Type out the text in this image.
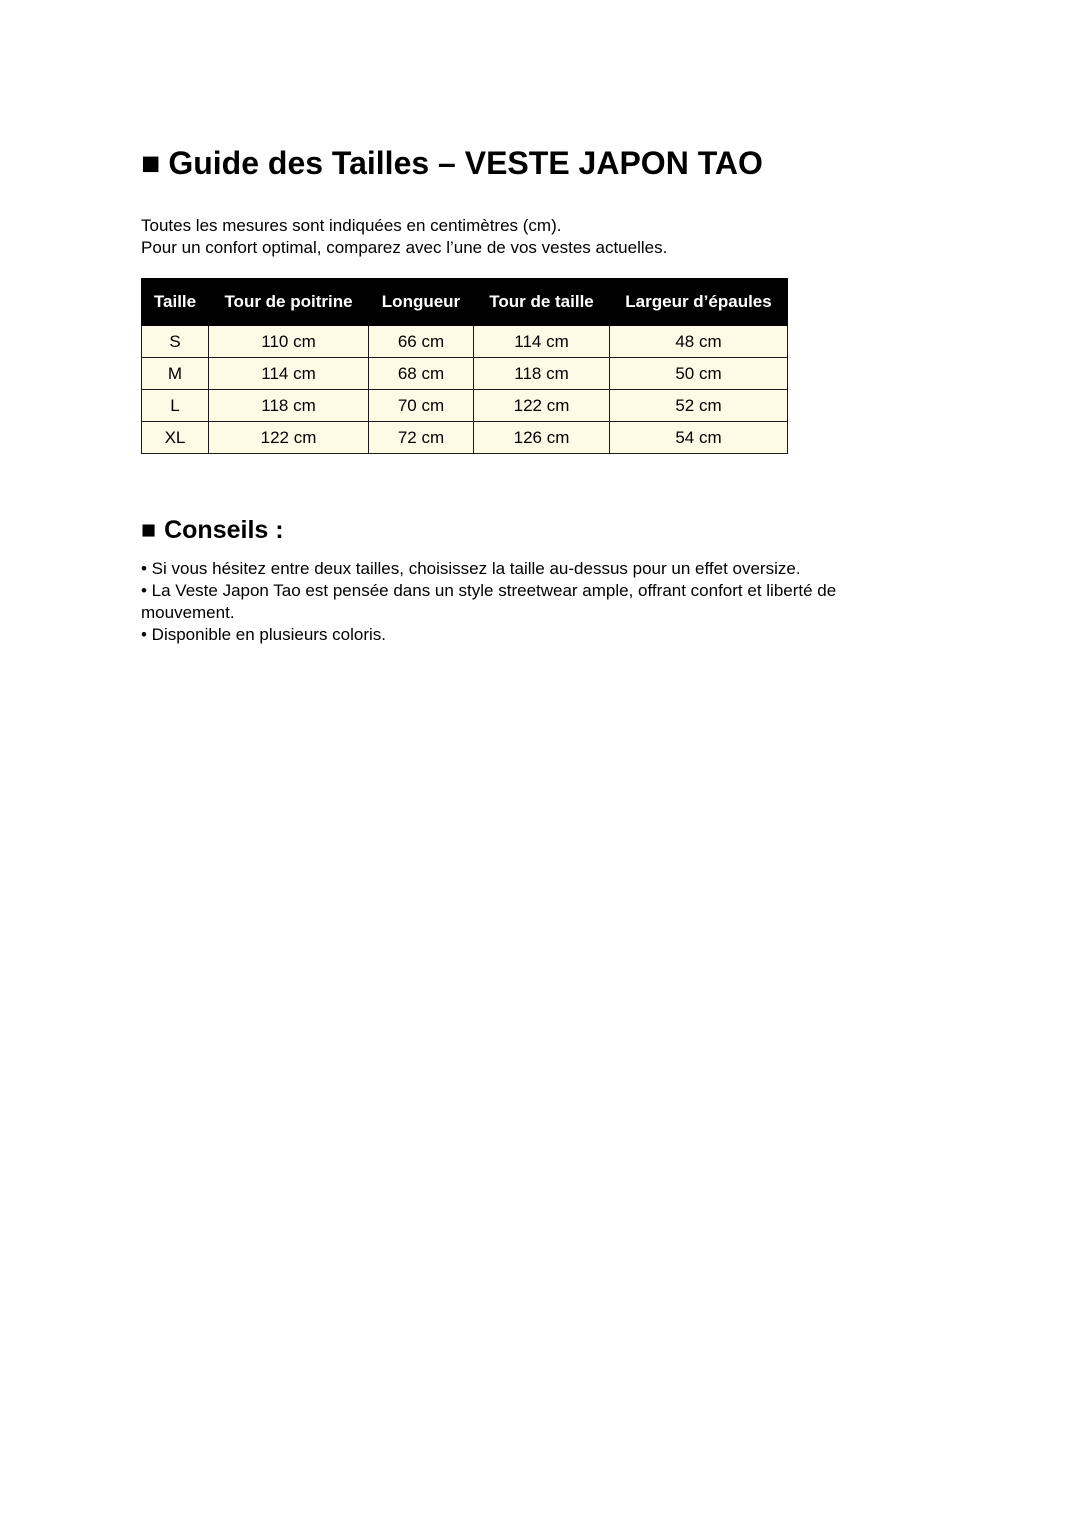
■ Guide des Tailles – VESTE JAPON TAO
Toutes les mesures sont indiquées en centimètres (cm).
Pour un confort optimal, comparez avec l’une de vos vestes actuelles.
Taille	Tour de poitrine	Longueur	Tour de taille	Largeur d’épaules
S	110 cm	66 cm	114 cm	48 cm
M	114 cm	68 cm	118 cm	50 cm
L	118 cm	70 cm	122 cm	52 cm
XL	122 cm	72 cm	126 cm	54 cm
■ Conseils :

• Si vous hésitez entre deux tailles, choisissez la taille au-dessus pour un effet oversize.

• La Veste Japon Tao est pensée dans un style streetwear ample, offrant confort et liberté de mouvement.

• Disponible en plusieurs coloris.
